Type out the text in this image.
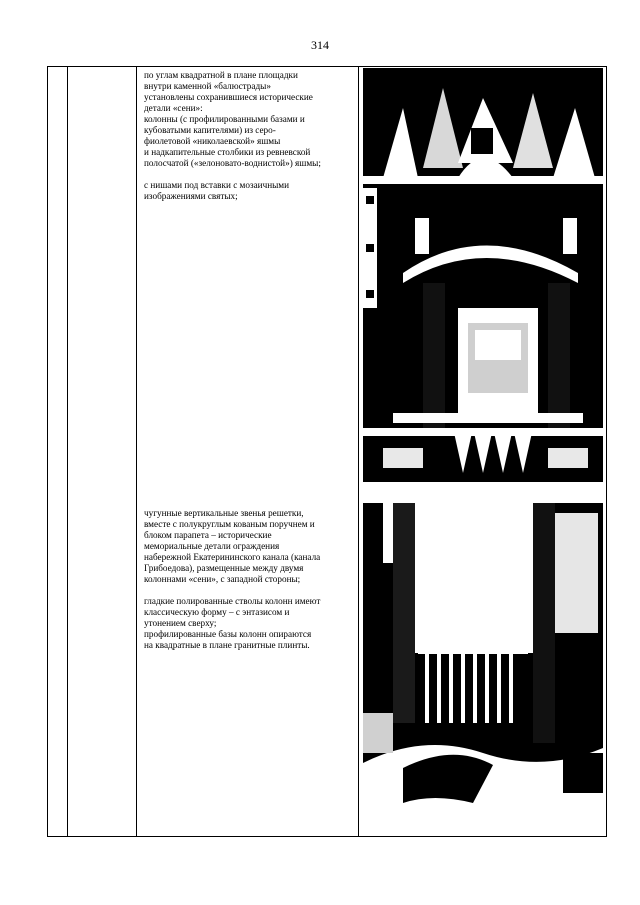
314

по углам квадратной в плане площадки
внутри каменной «балюстрады»
установлены сохранившиеся исторические
детали «сени»:
колонны (с профилированными базами и
кубоватыми капителями) из серо-
фиолетовой «николаевской» яшмы
и надкапительные столбики из ревневской
полосчатой («зелоновато-воднистой») яшмы;

с нишами под вставки с мозаичными
изображениями святых;

чугунные вертикальные звенья решетки,
вместе с полукруглым кованым поручнем и
блоком парапета – исторические
мемориальные детали ограждения
набережной Екатерининского канала (канала
Грибоедова), размещенные между двумя
колоннами «сени», с западной стороны;

гладкие полированные стволы колонн имеют
классическую форму – с энтазисом и
утонением сверху;
профилированные базы колонн опираются
на квадратные в плане гранитные плинты.
